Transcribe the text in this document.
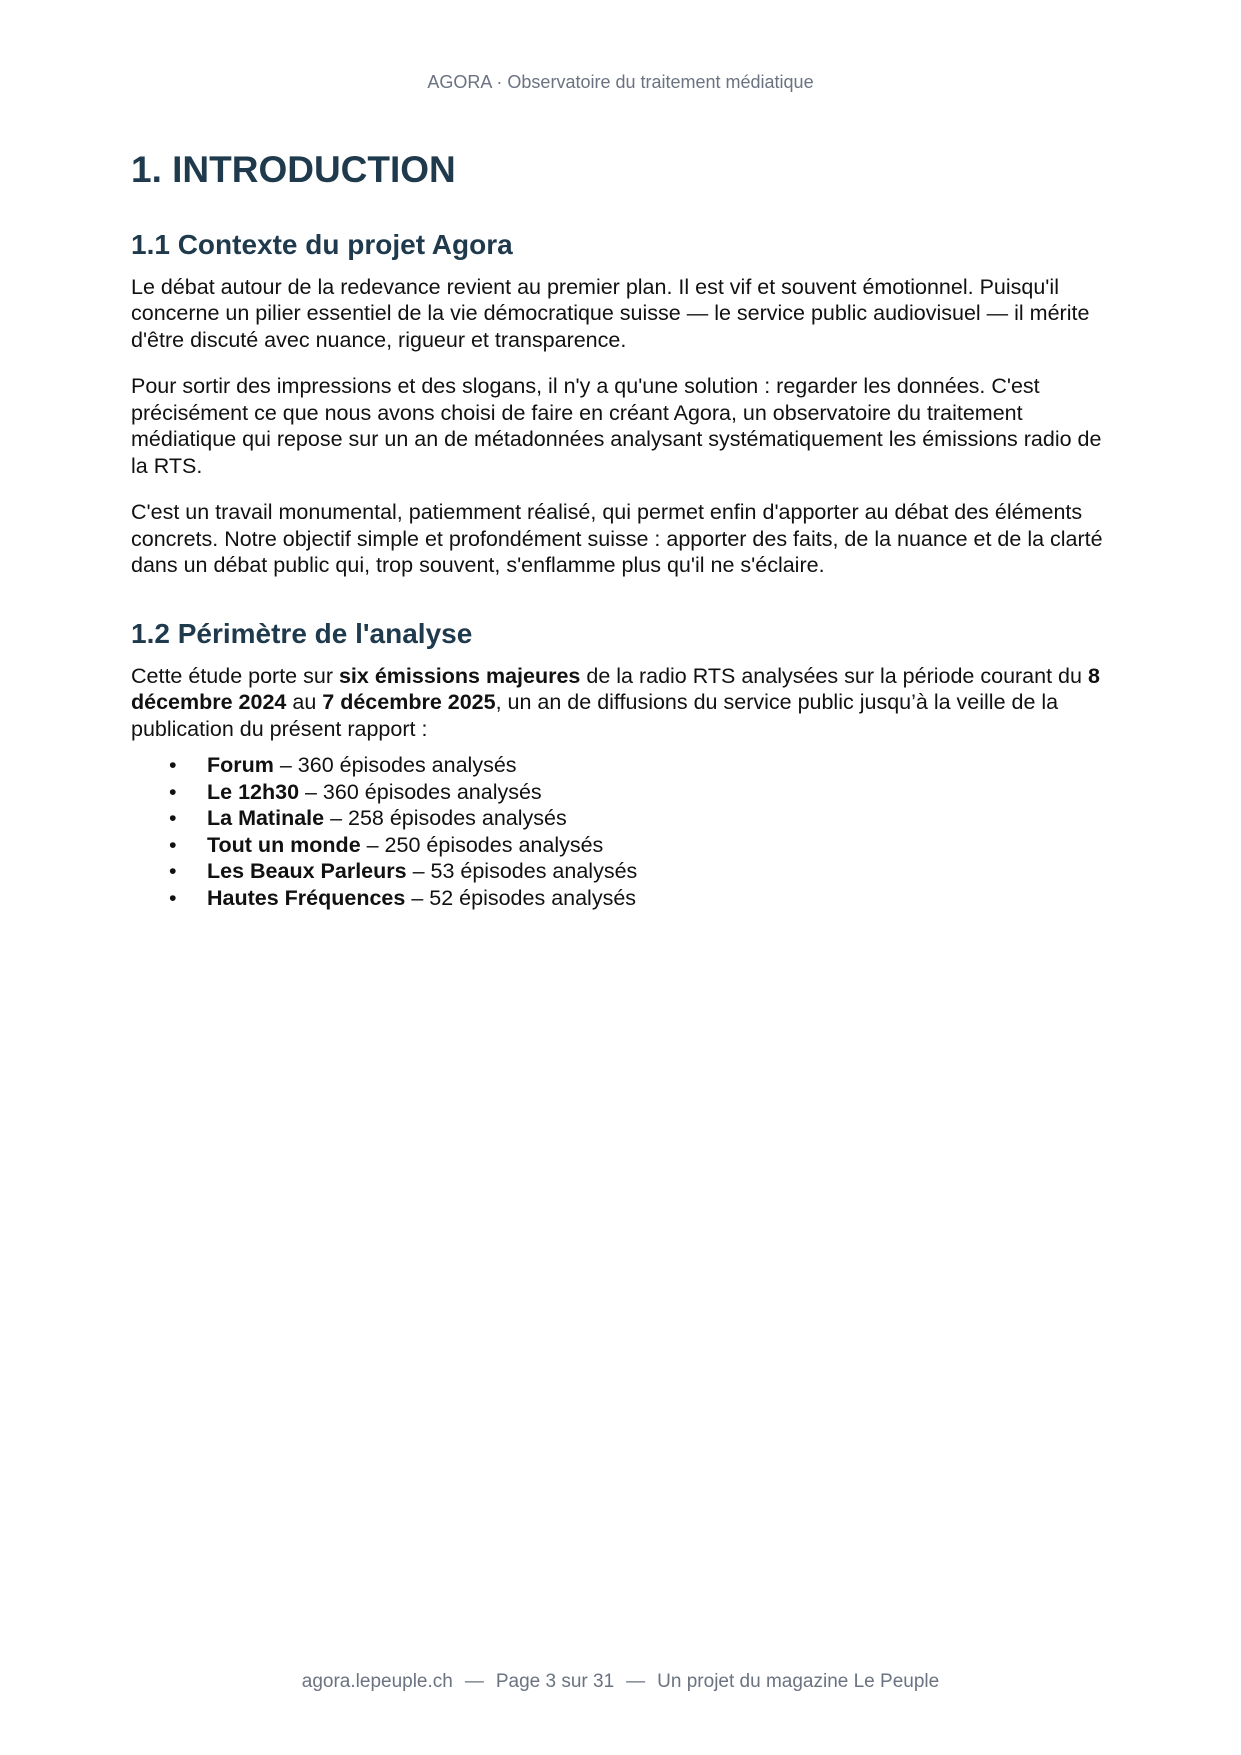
AGORA · Observatoire du traitement médiatique
1. INTRODUCTION
1.1 Contexte du projet Agora

Le débat autour de la redevance revient au premier plan. Il est vif et souvent émotionnel. Puisqu'il concerne un pilier essentiel de la vie démocratique suisse — le service public audiovisuel — il mérite d'être discuté avec nuance, rigueur et transparence.

Pour sortir des impressions et des slogans, il n'y a qu'une solution : regarder les données. C'est précisément ce que nous avons choisi de faire en créant Agora, un observatoire du traitement médiatique qui repose sur un an de métadonnées analysant systématiquement les émissions radio de la RTS.

C'est un travail monumental, patiemment réalisé, qui permet enfin d'apporter au débat des éléments concrets. Notre objectif simple et profondément suisse : apporter des faits, de la nuance et de la clarté dans un débat public qui, trop souvent, s'enflamme plus qu'il ne s'éclaire.

1.2 Périmètre de l'analyse

Cette étude porte sur six émissions majeures de la radio RTS analysées sur la période courant du 8 décembre 2024 au 7 décembre 2025, un an de diffusions du service public jusqu’à la veille de la publication du présent rapport :

• Forum – 360 épisodes analysés
• Le 12h30 – 360 épisodes analysés
• La Matinale – 258 épisodes analysés
• Tout un monde – 250 épisodes analysés
• Les Beaux Parleurs – 53 épisodes analysés
• Hautes Fréquences – 52 épisodes analysés
agora.lepeuple.ch — Page 3 sur 31 — Un projet du magazine Le Peuple
